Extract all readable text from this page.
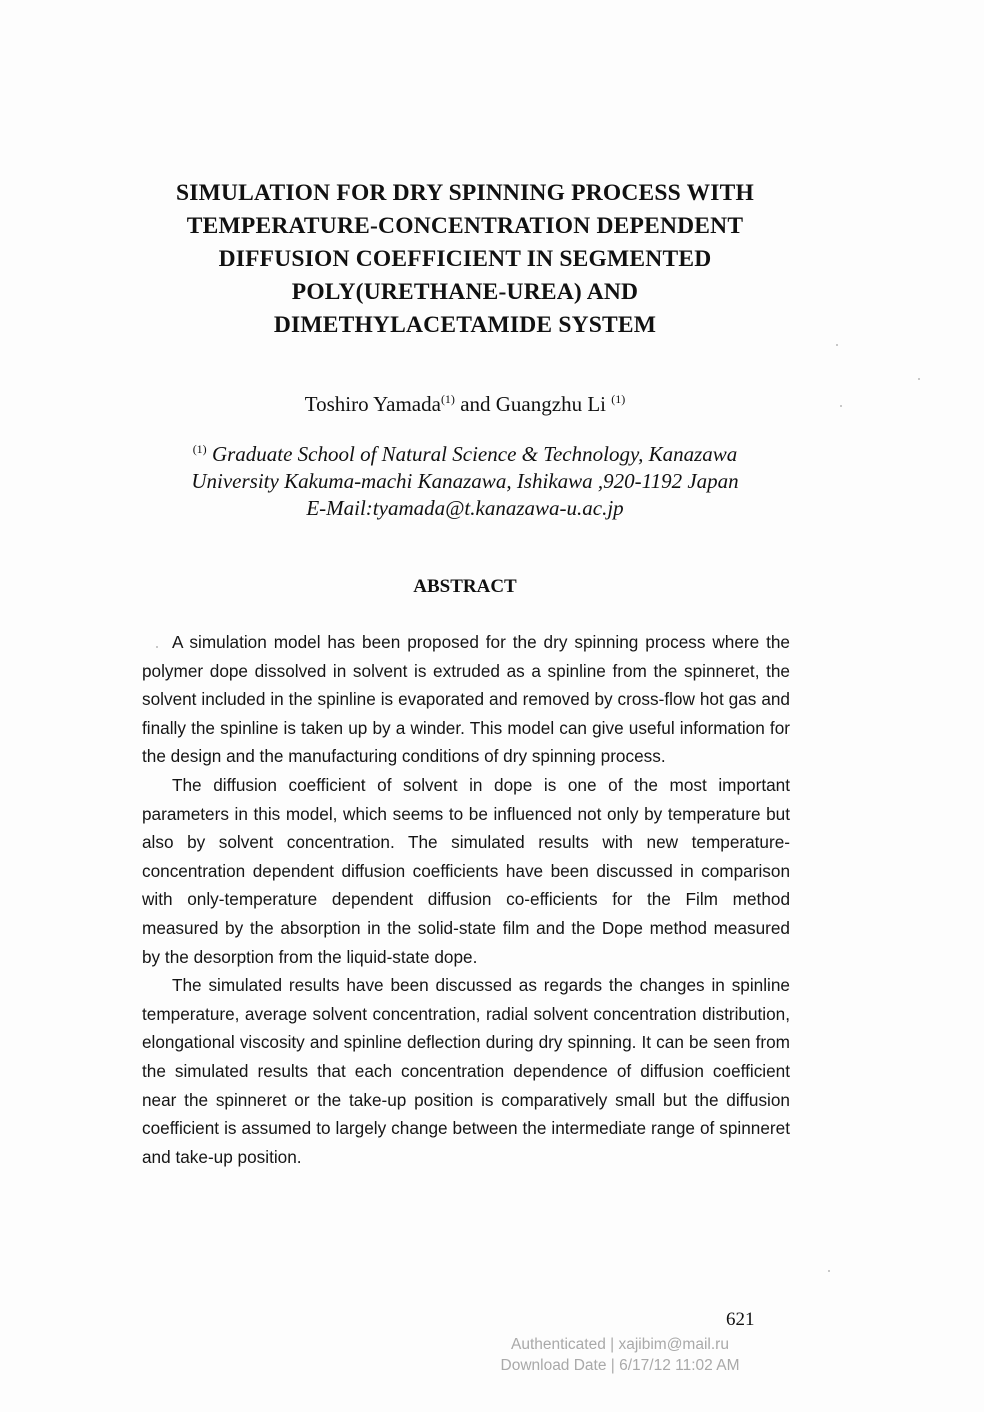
SIMULATION FOR DRY SPINNING PROCESS WITH
TEMPERATURE-CONCENTRATION DEPENDENT
DIFFUSION COEFFICIENT IN SEGMENTED
POLY(URETHANE-UREA) AND
DIMETHYLACETAMIDE SYSTEM
Toshiro Yamada$^{(1)}$ and Guangzhu Li $^{(1)}$
$^{(1)}$ Graduate School of Natural Science & Technology, Kanazawa
University Kakuma-machi Kanazawa, Ishikawa ,920-1192 Japan
E-Mail:tyamada@t.kanazawa-u.ac.jp
ABSTRACT

A simulation model has been proposed for the dry spinning process where the polymer dope dissolved in solvent is extruded as a spinline from the spinneret, the solvent included in the spinline is evaporated and removed by cross-flow hot gas and finally the spinline is taken up by a winder. This model can give useful information for the design and the manufacturing conditions of dry spinning process.

The diffusion coefficient of solvent in dope is one of the most important parameters in this model, which seems to be influenced not only by temperature but also by solvent concentration. The simulated results with new temperature-concentration dependent diffusion coefficients have been discussed in comparison with only-temperature dependent diffusion co-efficients for the Film method measured by the absorption in the solid-state film and the Dope method measured by the desorption from the liquid-state dope.

The simulated results have been discussed as regards the changes in spinline temperature, average solvent concentration, radial solvent concentration distribution, elongational viscosity and spinline deflection during dry spinning. It can be seen from the simulated results that each concentration dependence of diffusion coefficient near the spinneret or the take-up position is comparatively small but the diffusion coefficient is assumed to largely change between the intermediate range of spinneret and take-up position.

621
Authenticated | xajibim@mail.ru
Download Date | 6/17/12 11:02 AM
